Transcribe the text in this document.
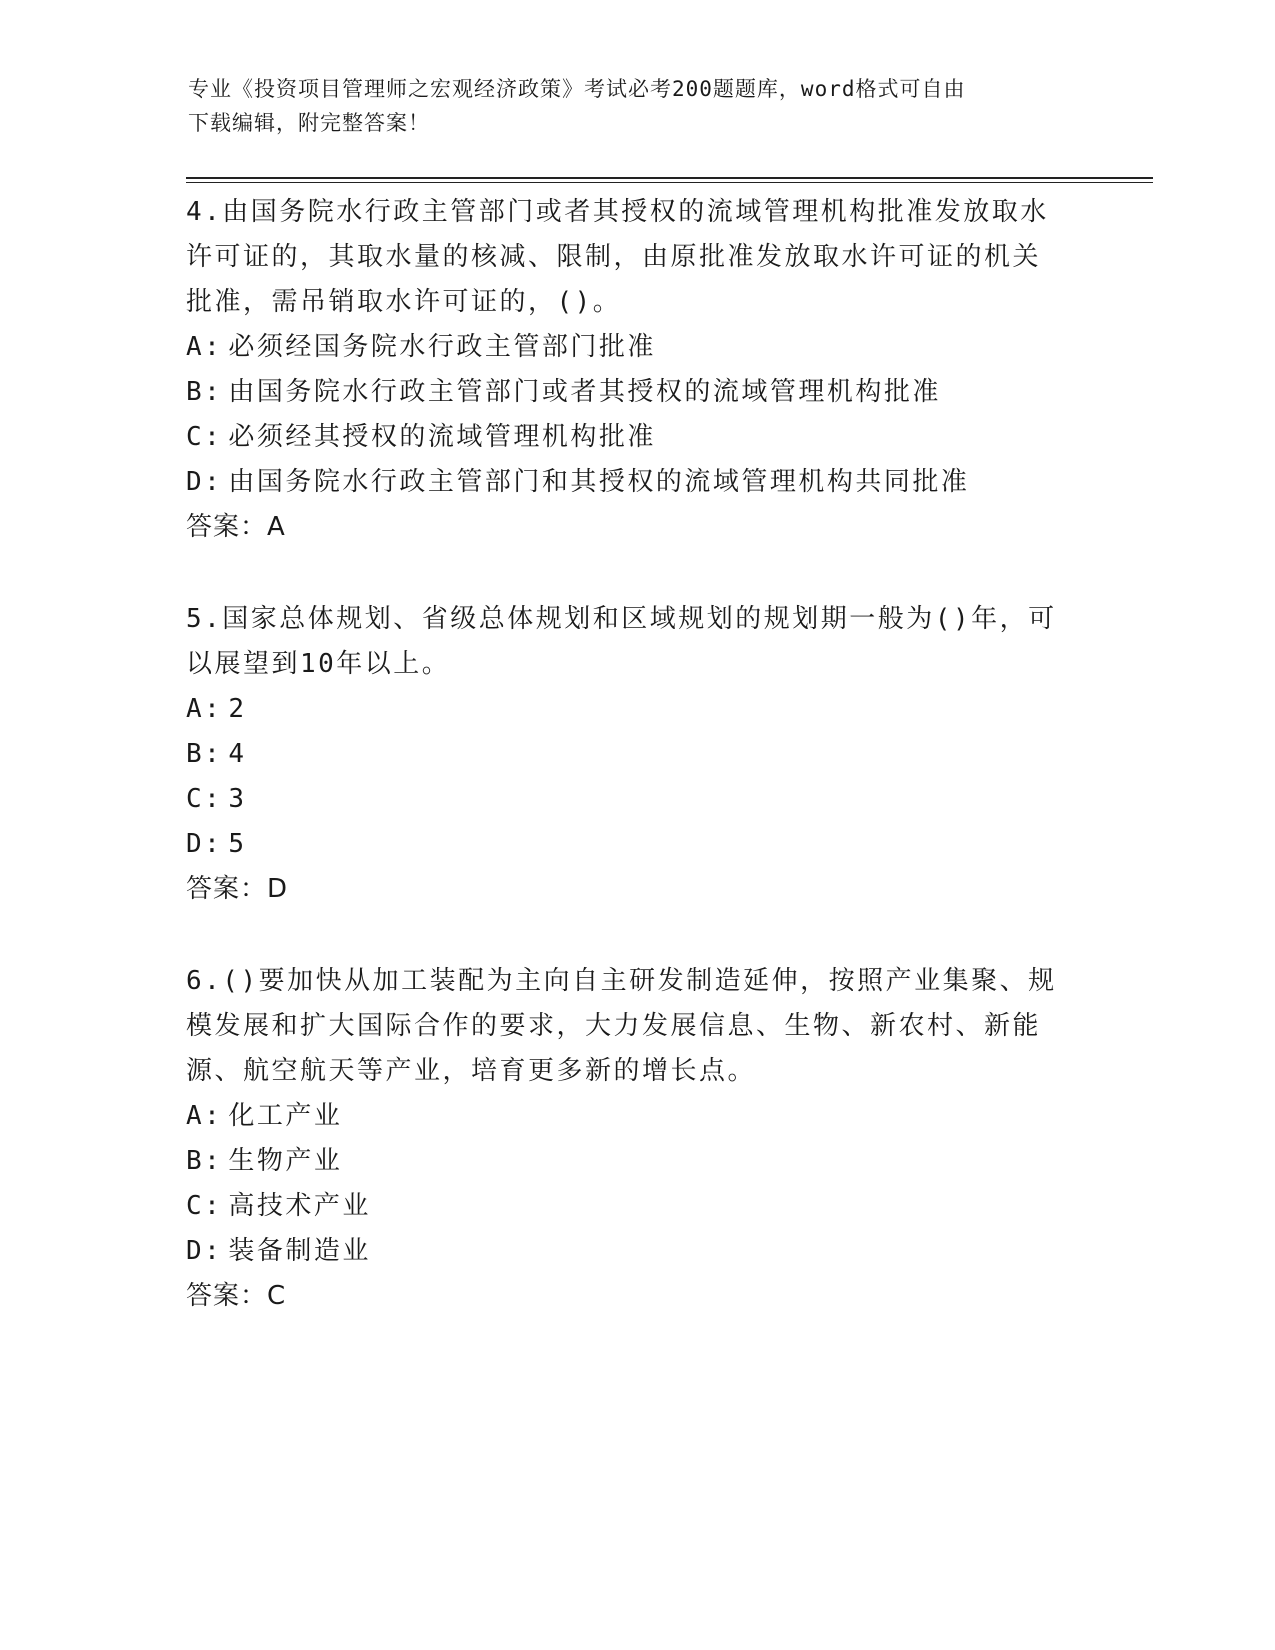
专业《投资项目管理师之宏观经济政策》考试必考200题题库，word格式可自由
下载编辑，附完整答案！

4.由国务院水行政主管部门或者其授权的流域管理机构批准发放取水许可证的，其取水量的核减、限制，由原批准发放取水许可证的机关批准，需吊销取水许可证的，()。

A: 必须经国务院水行政主管部门批准

B: 由国务院水行政主管部门或者其授权的流域管理机构批准

C: 必须经其授权的流域管理机构批准

D: 由国务院水行政主管部门和其授权的流域管理机构共同批准

答案：A

5.国家总体规划、省级总体规划和区域规划的规划期一般为()年，可以展望到10年以上。

A: 2

B: 4

C: 3

D: 5

答案：D

6.()要加快从加工装配为主向自主研发制造延伸，按照产业集聚、规模发展和扩大国际合作的要求，大力发展信息、生物、新农村、新能源、航空航天等产业，培育更多新的增长点。

A: 化工产业

B: 生物产业

C: 高技术产业

D: 装备制造业

答案：C
